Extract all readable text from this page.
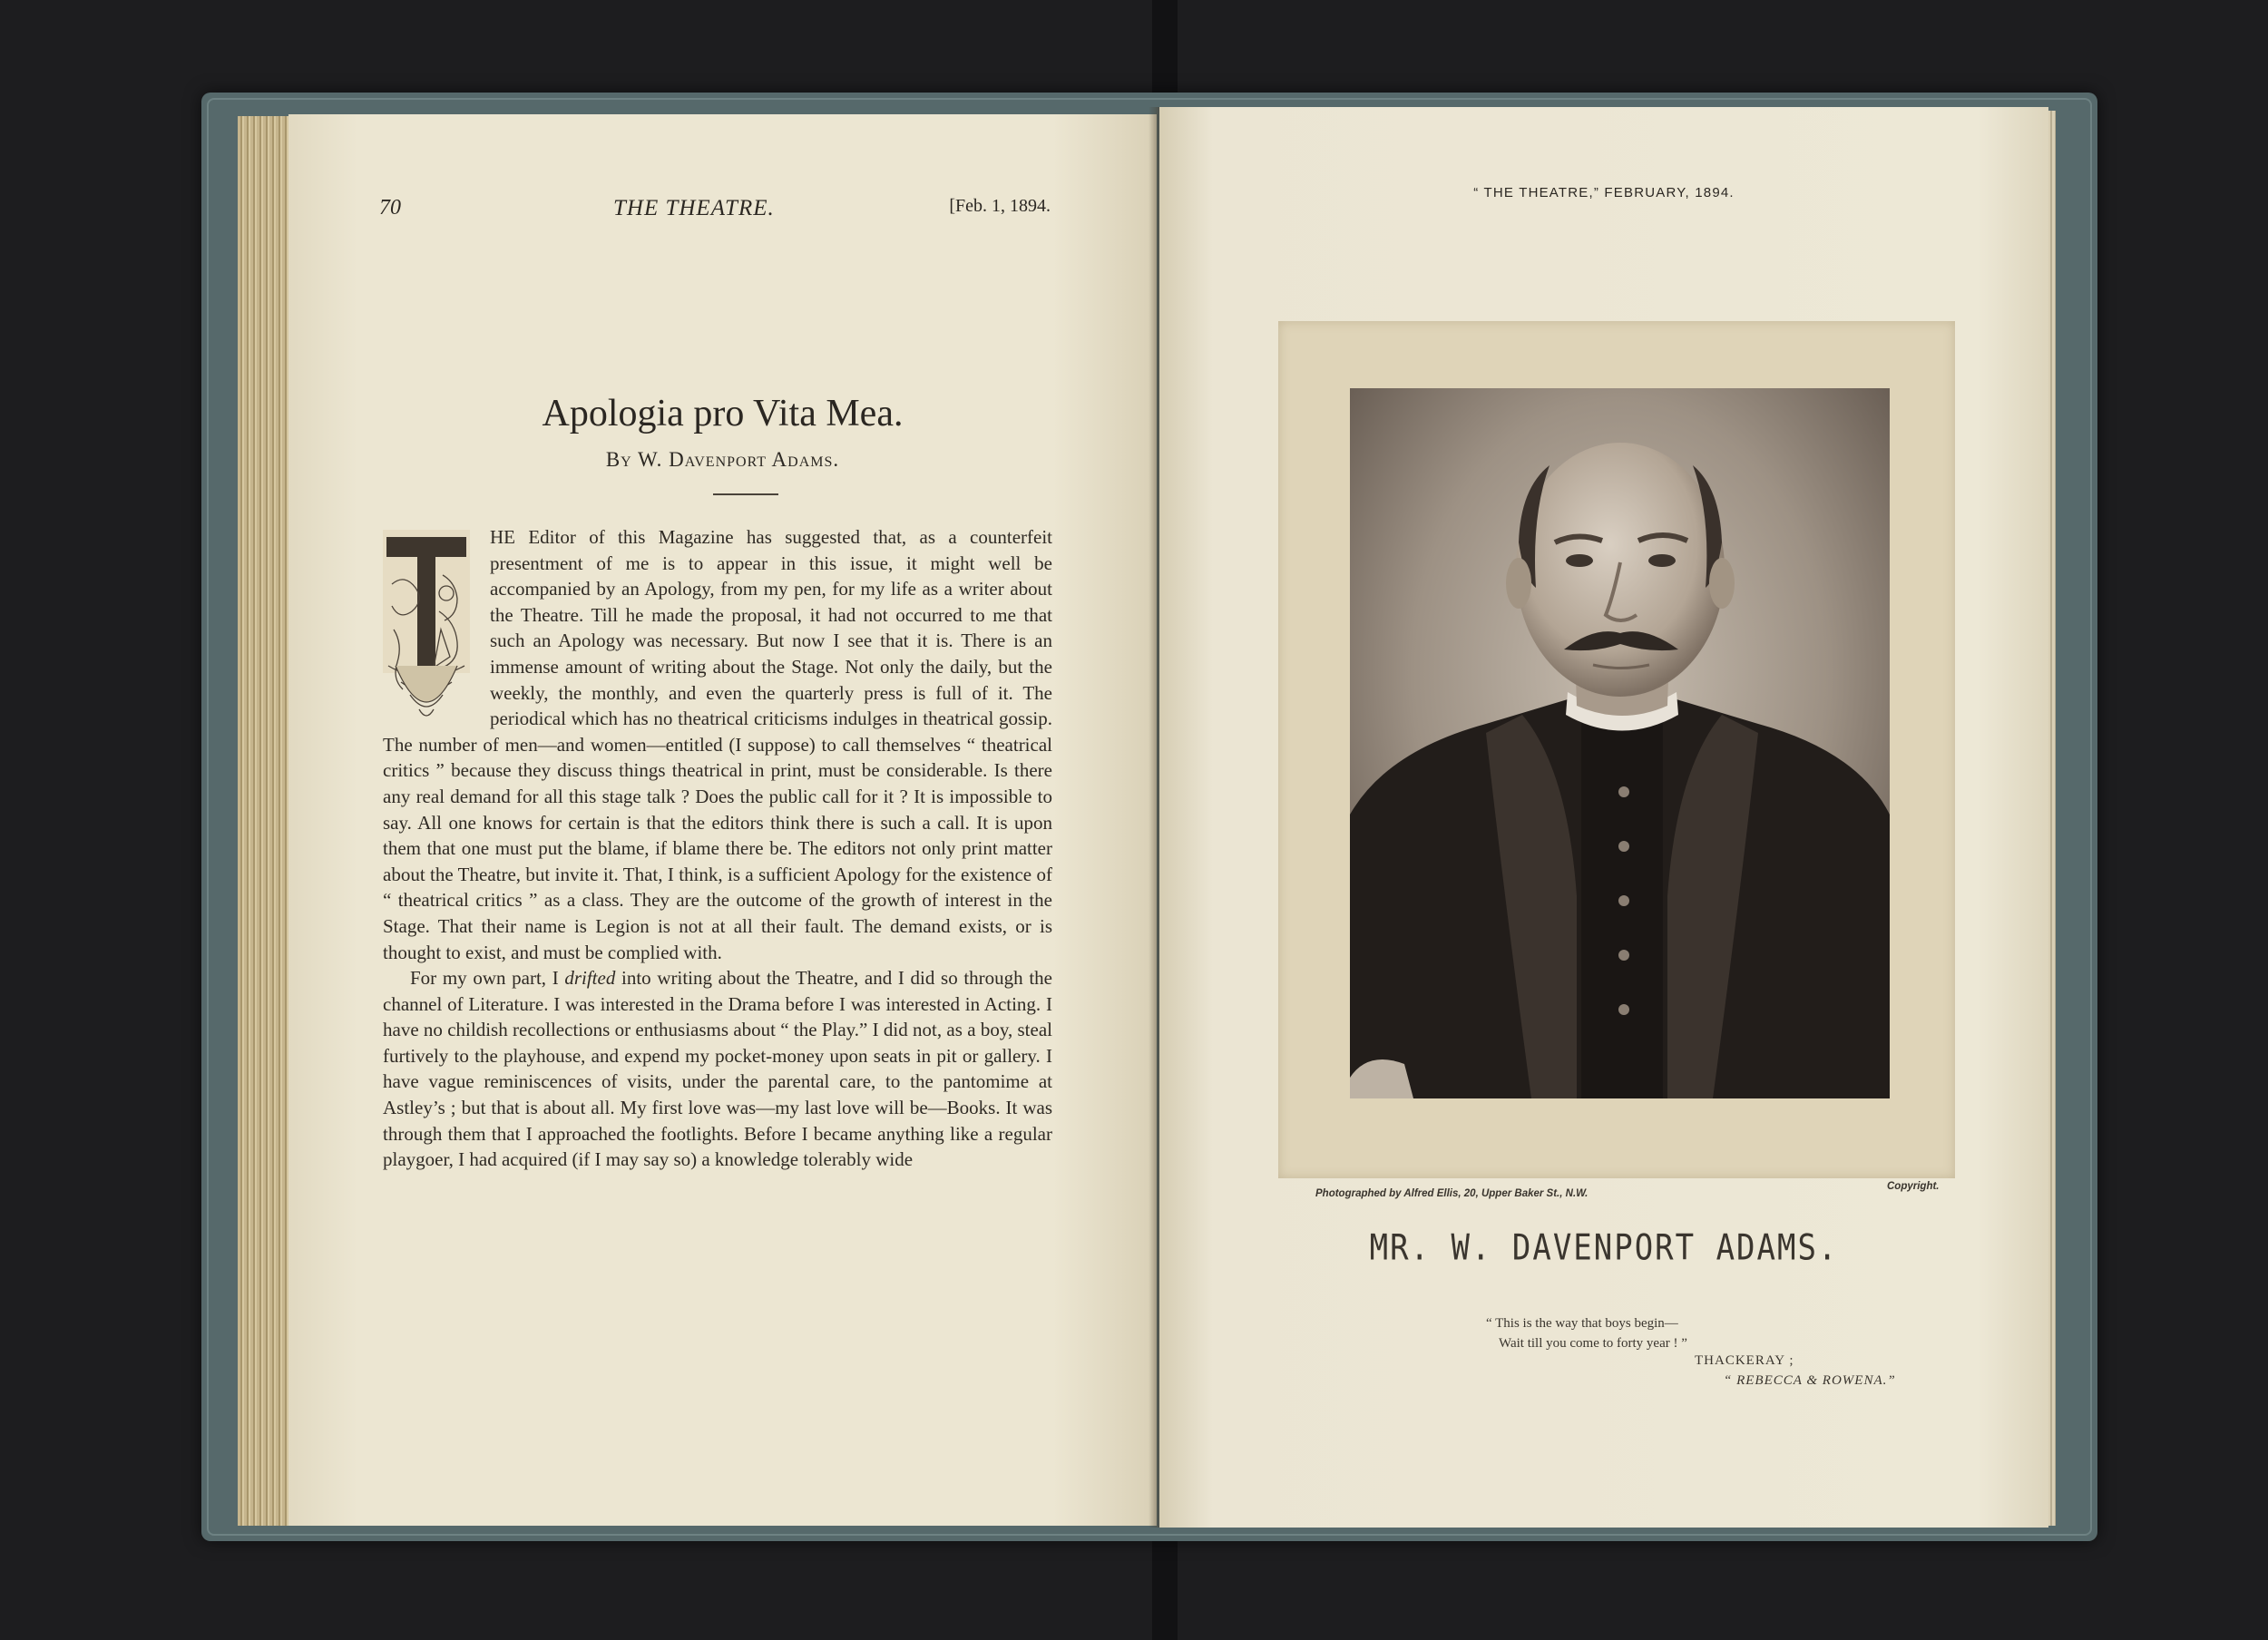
70	THE THEATRE.	[Feb. 1, 1894.
Apologia pro Vita Mea.
By W. Davenport Adams.
T

HE Editor of this Magazine has suggested that, as a counterfeit presentment of me is to appear in this issue, it might well be accompanied by an Apology, from my pen, for my life as a writer about the Theatre. Till he made the proposal, it had not occurred to me that such an Apology was necessary. But now I see that it is. There is an immense amount of writing about the Stage. Not only the daily, but the weekly, the monthly, and even the quarterly press is full of it. The periodical which has no theatrical criticisms indulges in theatrical gossip. The number of men—and women—entitled (I suppose) to call themselves “ theatrical critics ” because they discuss things theatrical in print, must be considerable. Is there any real demand for all this stage talk ? Does the public call for it ? It is impossible to say. All one knows for certain is that the editors think there is such a call. It is upon them that one must put the blame, if blame there be. The editors not only print matter about the Theatre, but invite it. That, I think, is a sufficient Apology for the existence of “ theatrical critics ” as a class. They are the outcome of the growth of interest in the Stage. That their name is Legion is not at all their fault. The demand exists, or is thought to exist, and must be complied with.

For my own part, I drifted into writing about the Theatre, and I did so through the channel of Literature. I was interested in the Drama before I was interested in Acting. I have no childish recollections or enthusiasms about “ the Play.” I did not, as a boy, steal furtively to the playhouse, and expend my pocket-money upon seats in pit or gallery. I have vague reminiscences of visits, under the parental care, to the pantomime at Astley’s ; but that is about all. My first love was—my last love will be—Books. It was through them that I approached the footlights. Before I became anything like a regular playgoer, I had acquired (if I may say so) a knowledge tolerably wide

“ THE THEATRE,” FEBRUARY, 1894.
Photographed by Alfred Ellis, 20, Upper Baker St., N.W.
Copyright.
MR. W. DAVENPORT ADAMS.
“ This is the way that boys begin—
Wait till you come to forty year ! ”
THACKERAY ;
“ REBECCA & ROWENA.”
